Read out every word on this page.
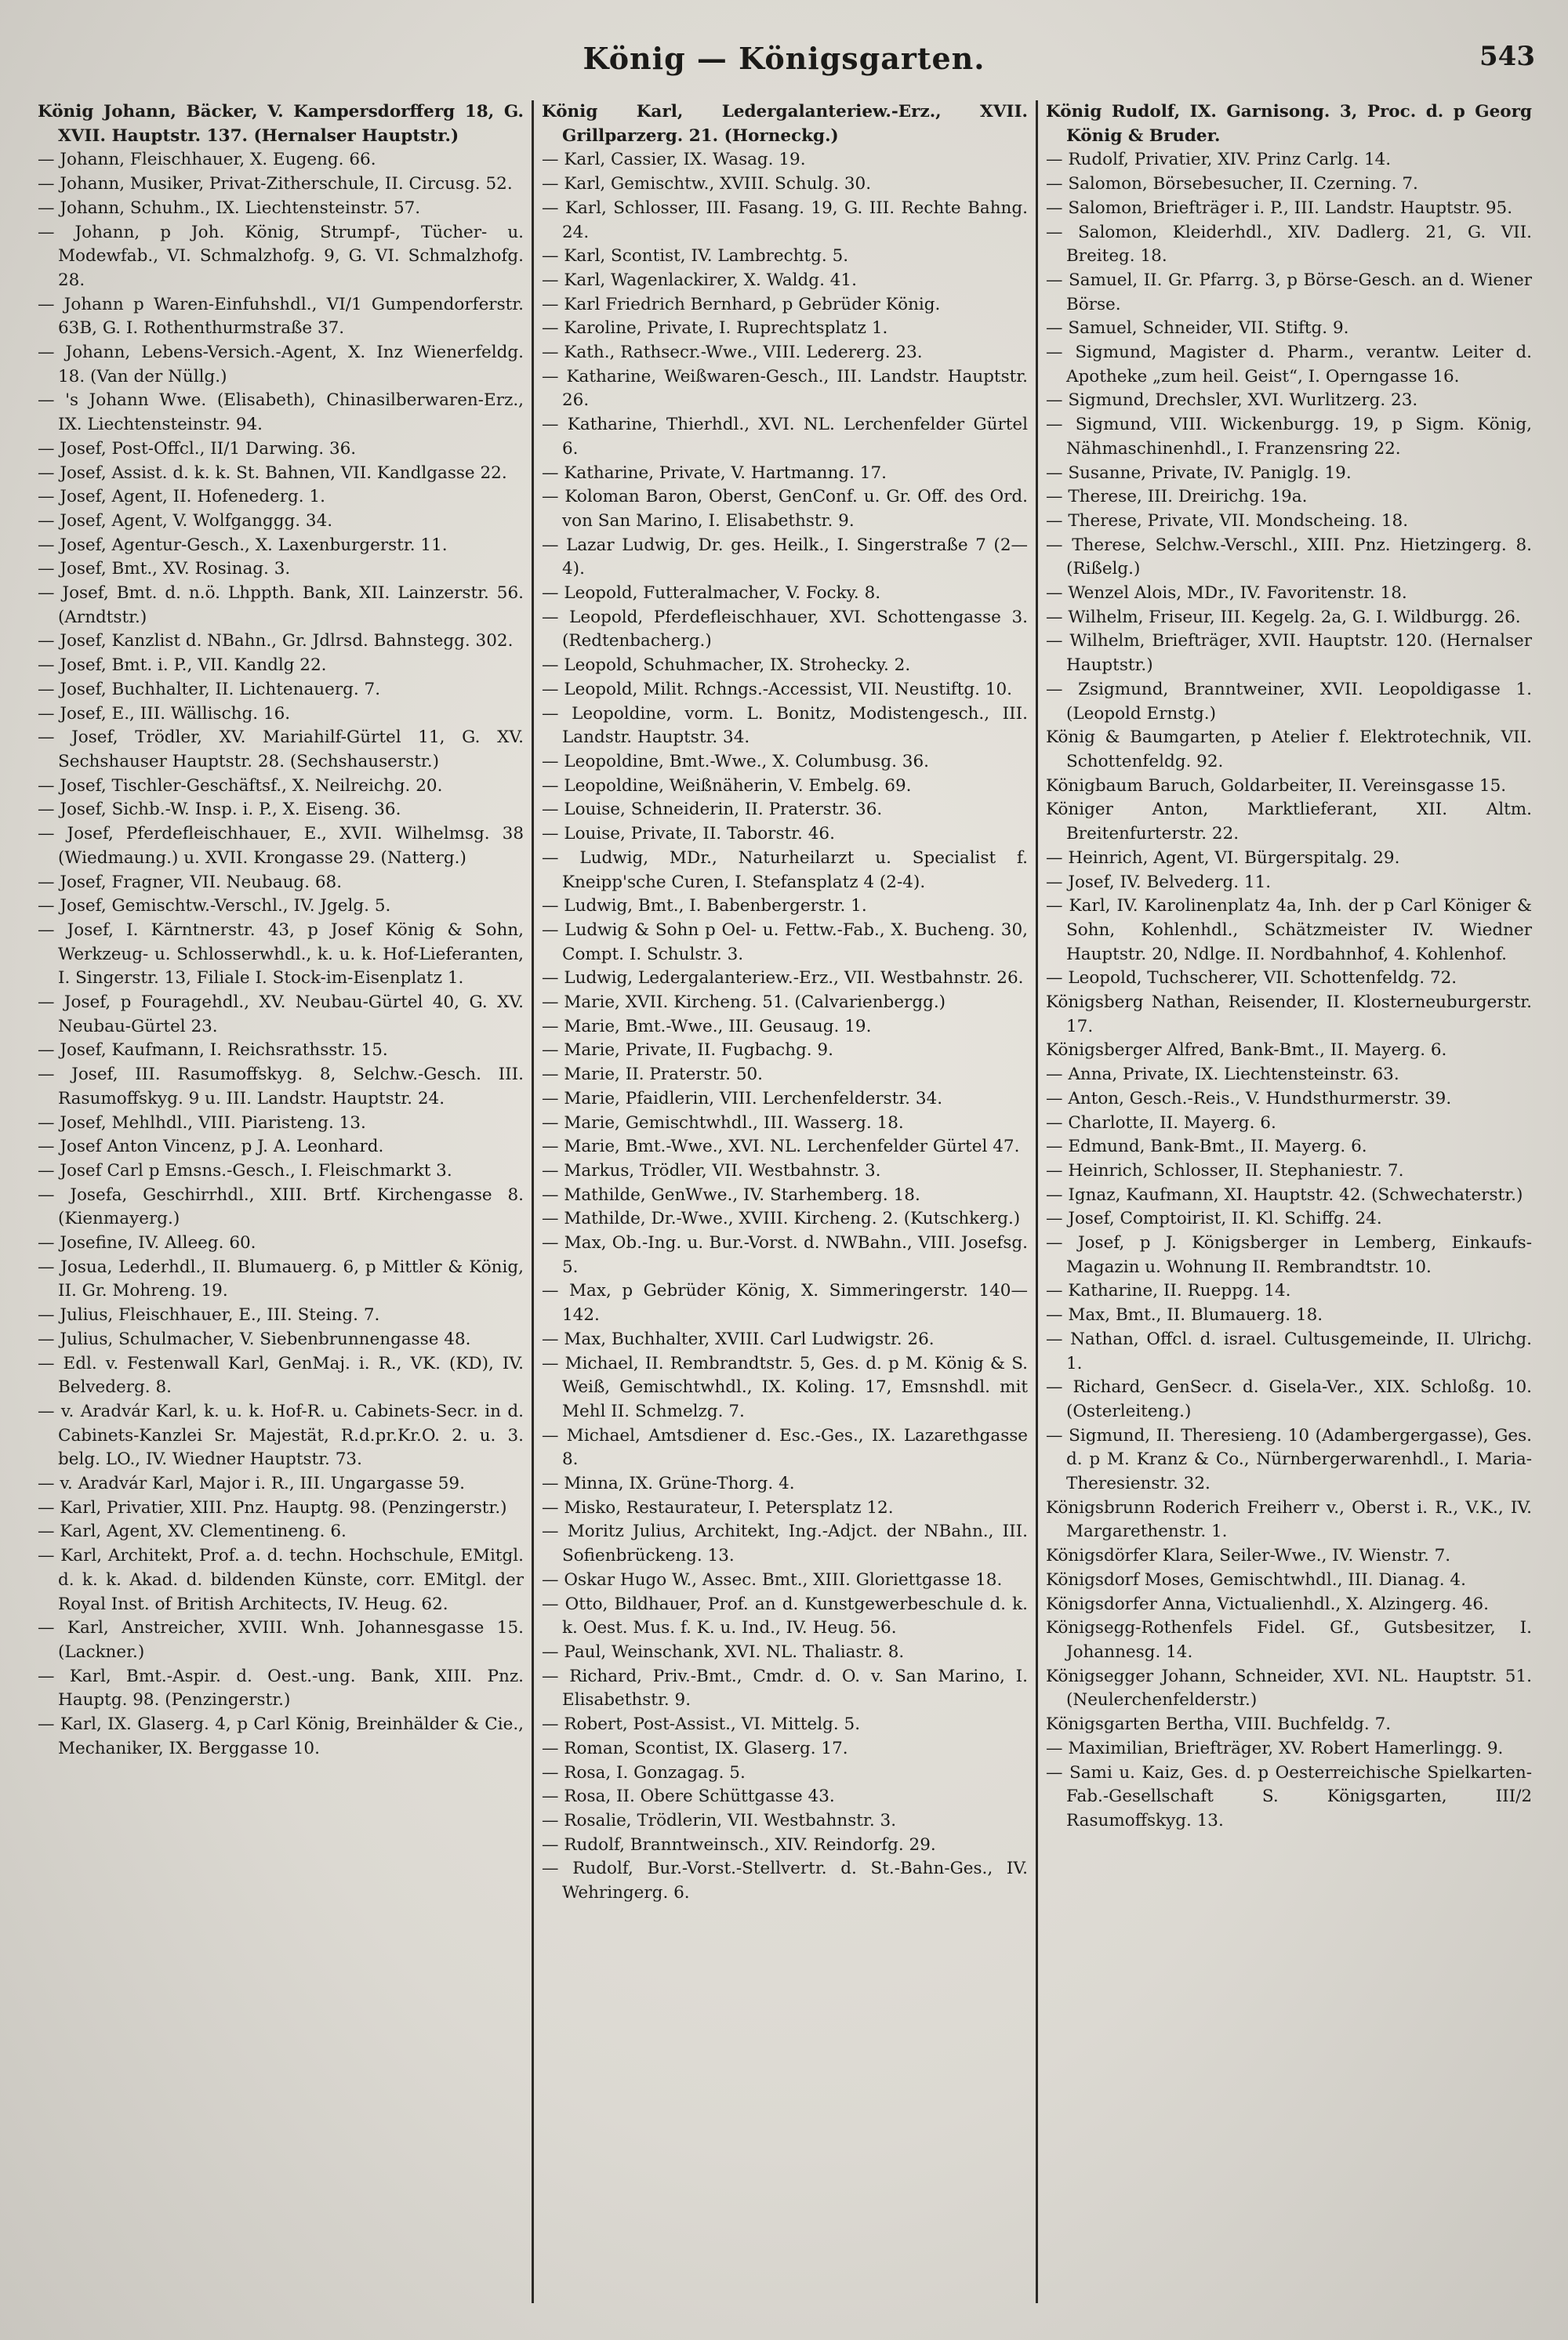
König — Königsgarten.	543

König Johann, Bäcker, V. Kampersdorfferg 18, G. XVII. Hauptstr. 137. (Hernalser Hauptstr.)

— Johann, Fleischhauer, X. Eugeng. 66.

— Johann, Musiker, Privat-Zitherschule, II. Circusg. 52.

— Johann, Schuhm., IX. Liechtensteinstr. 57.

— Johann, p Joh. König, Strumpf-, Tücher- u. Modewfab., VI. Schmalzhofg. 9, G. VI. Schmalzhofg. 28.

— Johann p Waren-Einfuhshdl., VI/1 Gumpendorferstr. 63B, G. I. Rothenthurmstraße 37.

— Johann, Lebens-Versich.-Agent, X. Inz Wienerfeldg. 18. (Van der Nüllg.)

— 's Johann Wwe. (Elisabeth), Chinasilberwaren-Erz., IX. Liechtensteinstr. 94.

— Josef, Post-Offcl., II/1 Darwing. 36.

— Josef, Assist. d. k. k. St. Bahnen, VII. Kandlgasse 22.

— Josef, Agent, II. Hofenederg. 1.

— Josef, Agent, V. Wolfganggg. 34.

— Josef, Agentur-Gesch., X. Laxenburgerstr. 11.

— Josef, Bmt., XV. Rosinag. 3.

— Josef, Bmt. d. n.ö. Lhppth. Bank, XII. Lainzerstr. 56. (Arndtstr.)

— Josef, Kanzlist d. NBahn., Gr. Jdlrsd. Bahnstegg. 302.

— Josef, Bmt. i. P., VII. Kandlg 22.

— Josef, Buchhalter, II. Lichtenauerg. 7.

— Josef, E., III. Wällischg. 16.

— Josef, Trödler, XV. Mariahilf-Gürtel 11, G. XV. Sechshauser Hauptstr. 28. (Sechshauserstr.)

— Josef, Tischler-Geschäftsf., X. Neilreichg. 20.

— Josef, Sichb.-W. Insp. i. P., X. Eiseng. 36.

— Josef, Pferdefleischhauer, E., XVII. Wilhelmsg. 38 (Wiedmaung.) u. XVII. Krongasse 29. (Natterg.)

— Josef, Fragner, VII. Neubaug. 68.

— Josef, Gemischtw.-Verschl., IV. Jgelg. 5.

— Josef, I. Kärntnerstr. 43, p Josef König & Sohn, Werkzeug- u. Schlosserwhdl., k. u. k. Hof-Lieferanten, I. Singerstr. 13, Filiale I. Stock-im-Eisenplatz 1.

— Josef, p Fouragehdl., XV. Neubau-Gürtel 40, G. XV. Neubau-Gürtel 23.

— Josef, Kaufmann, I. Reichsrathsstr. 15.

— Josef, III. Rasumoffskyg. 8, Selchw.-Gesch. III. Rasumoffskyg. 9 u. III. Landstr. Hauptstr. 24.

— Josef, Mehlhdl., VIII. Piaristeng. 13.

— Josef Anton Vincenz, p J. A. Leonhard.

— Josef Carl p Emsns.-Gesch., I. Fleischmarkt 3.

— Josefa, Geschirrhdl., XIII. Brtf. Kirchengasse 8. (Kienmayerg.)

— Josefine, IV. Alleeg. 60.

— Josua, Lederhdl., II. Blumauerg. 6, p Mittler & König, II. Gr. Mohreng. 19.

— Julius, Fleischhauer, E., III. Steing. 7.

— Julius, Schulmacher, V. Siebenbrunnengasse 48.

— Edl. v. Festenwall Karl, GenMaj. i. R., VK. (KD), IV. Belvederg. 8.

— v. Aradvár Karl, k. u. k. Hof-R. u. Cabinets-Secr. in d. Cabinets-Kanzlei Sr. Majestät, R.d.pr.Kr.O. 2. u. 3. belg. LO., IV. Wiedner Hauptstr. 73.

— v. Aradvár Karl, Major i. R., III. Ungargasse 59.

— Karl, Privatier, XIII. Pnz. Hauptg. 98. (Penzingerstr.)

— Karl, Agent, XV. Clementineng. 6.

— Karl, Architekt, Prof. a. d. techn. Hochschule, EMitgl. d. k. k. Akad. d. bildenden Künste, corr. EMitgl. der Royal Inst. of British Architects, IV. Heug. 62.

— Karl, Anstreicher, XVIII. Wnh. Johannesgasse 15. (Lackner.)

— Karl, Bmt.-Aspir. d. Oest.-ung. Bank, XIII. Pnz. Hauptg. 98. (Penzingerstr.)

— Karl, IX. Glaserg. 4, p Carl König, Breinhälder & Cie., Mechaniker, IX. Berggasse 10.

König Karl, Ledergalanteriew.-Erz., XVII. Grillparzerg. 21. (Horneckg.)

— Karl, Cassier, IX. Wasag. 19.

— Karl, Gemischtw., XVIII. Schulg. 30.

— Karl, Schlosser, III. Fasang. 19, G. III. Rechte Bahng. 24.

— Karl, Scontist, IV. Lambrechtg. 5.

— Karl, Wagenlackirer, X. Waldg. 41.

— Karl Friedrich Bernhard, p Gebrüder König.

— Karoline, Private, I. Ruprechtsplatz 1.

— Kath., Rathsecr.-Wwe., VIII. Ledererg. 23.

— Katharine, Weißwaren-Gesch., III. Landstr. Hauptstr. 26.

— Katharine, Thierhdl., XVI. NL. Lerchenfelder Gürtel 6.

— Katharine, Private, V. Hartmanng. 17.

— Koloman Baron, Oberst, GenConf. u. Gr. Off. des Ord. von San Marino, I. Elisabethstr. 9.

— Lazar Ludwig, Dr. ges. Heilk., I. Singerstraße 7 (2—4).

— Leopold, Futteralmacher, V. Focky. 8.

— Leopold, Pferdefleischhauer, XVI. Schottengasse 3. (Redtenbacherg.)

— Leopold, Schuhmacher, IX. Strohecky. 2.

— Leopold, Milit. Rchngs.-Accessist, VII. Neustiftg. 10.

— Leopoldine, vorm. L. Bonitz, Modistengesch., III. Landstr. Hauptstr. 34.

— Leopoldine, Bmt.-Wwe., X. Columbusg. 36.

— Leopoldine, Weißnäherin, V. Embelg. 69.

— Louise, Schneiderin, II. Praterstr. 36.

— Louise, Private, II. Taborstr. 46.

— Ludwig, MDr., Naturheilarzt u. Specialist f. Kneipp'sche Curen, I. Stefansplatz 4 (2-4).

— Ludwig, Bmt., I. Babenbergerstr. 1.

— Ludwig & Sohn p Oel- u. Fettw.-Fab., X. Bucheng. 30, Compt. I. Schulstr. 3.

— Ludwig, Ledergalanteriew.-Erz., VII. Westbahnstr. 26.

— Marie, XVII. Kircheng. 51. (Calvarienbergg.)

— Marie, Bmt.-Wwe., III. Geusaug. 19.

— Marie, Private, II. Fugbachg. 9.

— Marie, II. Praterstr. 50.

— Marie, Pfaidlerin, VIII. Lerchenfelderstr. 34.

— Marie, Gemischtwhdl., III. Wasserg. 18.

— Marie, Bmt.-Wwe., XVI. NL. Lerchenfelder Gürtel 47.

— Markus, Trödler, VII. Westbahnstr. 3.

— Mathilde, GenWwe., IV. Starhemberg. 18.

— Mathilde, Dr.-Wwe., XVIII. Kircheng. 2. (Kutschkerg.)

— Max, Ob.-Ing. u. Bur.-Vorst. d. NWBahn., VIII. Josefsg. 5.

— Max, p Gebrüder König, X. Simmeringerstr. 140—142.

— Max, Buchhalter, XVIII. Carl Ludwigstr. 26.

— Michael, II. Rembrandtstr. 5, Ges. d. p M. König & S. Weiß, Gemischtwhdl., IX. Koling. 17, Emsnshdl. mit Mehl II. Schmelzg. 7.

— Michael, Amtsdiener d. Esc.-Ges., IX. Lazarethgasse 8.

— Minna, IX. Grüne-Thorg. 4.

— Misko, Restaurateur, I. Petersplatz 12.

— Moritz Julius, Architekt, Ing.-Adjct. der NBahn., III. Sofienbrückeng. 13.

— Oskar Hugo W., Assec. Bmt., XIII. Gloriettgasse 18.

— Otto, Bildhauer, Prof. an d. Kunstgewerbeschule d. k. k. Oest. Mus. f. K. u. Ind., IV. Heug. 56.

— Paul, Weinschank, XVI. NL. Thaliastr. 8.

— Richard, Priv.-Bmt., Cmdr. d. O. v. San Marino, I. Elisabethstr. 9.

— Robert, Post-Assist., VI. Mittelg. 5.

— Roman, Scontist, IX. Glaserg. 17.

— Rosa, I. Gonzagag. 5.

— Rosa, II. Obere Schüttgasse 43.

— Rosalie, Trödlerin, VII. Westbahnstr. 3.

— Rudolf, Branntweinsch., XIV. Reindorfg. 29.

— Rudolf, Bur.-Vorst.-Stellvertr. d. St.-Bahn-Ges., IV. Wehringerg. 6.

König Rudolf, IX. Garnisong. 3, Proc. d. p Georg König & Bruder.

— Rudolf, Privatier, XIV. Prinz Carlg. 14.

— Salomon, Börsebesucher, II. Czerning. 7.

— Salomon, Briefträger i. P., III. Landstr. Hauptstr. 95.

— Salomon, Kleiderhdl., XIV. Dadlerg. 21, G. VII. Breiteg. 18.

— Samuel, II. Gr. Pfarrg. 3, p Börse-Gesch. an d. Wiener Börse.

— Samuel, Schneider, VII. Stiftg. 9.

— Sigmund, Magister d. Pharm., verantw. Leiter d. Apotheke „zum heil. Geist“, I. Operngasse 16.

— Sigmund, Drechsler, XVI. Wurlitzerg. 23.

— Sigmund, VIII. Wickenburgg. 19, p Sigm. König, Nähmaschinenhdl., I. Franzensring 22.

— Susanne, Private, IV. Paniglg. 19.

— Therese, III. Dreirichg. 19a.

— Therese, Private, VII. Mondscheing. 18.

— Therese, Selchw.-Verschl., XIII. Pnz. Hietzingerg. 8. (Rißelg.)

— Wenzel Alois, MDr., IV. Favoritenstr. 18.

— Wilhelm, Friseur, III. Kegelg. 2a, G. I. Wildburgg. 26.

— Wilhelm, Briefträger, XVII. Hauptstr. 120. (Hernalser Hauptstr.)

— Zsigmund, Branntweiner, XVII. Leopoldigasse 1. (Leopold Ernstg.)

König & Baumgarten, p Atelier f. Elektrotechnik, VII. Schottenfeldg. 92.

Königbaum Baruch, Goldarbeiter, II. Vereinsgasse 15.

Königer Anton, Marktlieferant, XII. Altm. Breitenfurterstr. 22.

— Heinrich, Agent, VI. Bürgerspitalg. 29.

— Josef, IV. Belvederg. 11.

— Karl, IV. Karolinenplatz 4a, Inh. der p Carl Königer & Sohn, Kohlenhdl., Schätzmeister IV. Wiedner Hauptstr. 20, Ndlge. II. Nordbahnhof, 4. Kohlenhof.

— Leopold, Tuchscherer, VII. Schottenfeldg. 72.

Königsberg Nathan, Reisender, II. Klosterneuburgerstr. 17.

Königsberger Alfred, Bank-Bmt., II. Mayerg. 6.

— Anna, Private, IX. Liechtensteinstr. 63.

— Anton, Gesch.-Reis., V. Hundsthurmerstr. 39.

— Charlotte, II. Mayerg. 6.

— Edmund, Bank-Bmt., II. Mayerg. 6.

— Heinrich, Schlosser, II. Stephaniestr. 7.

— Ignaz, Kaufmann, XI. Hauptstr. 42. (Schwechaterstr.)

— Josef, Comptoirist, II. Kl. Schiffg. 24.

— Josef, p J. Königsberger in Lemberg, Einkaufs-Magazin u. Wohnung II. Rembrandtstr. 10.

— Katharine, II. Rueppg. 14.

— Max, Bmt., II. Blumauerg. 18.

— Nathan, Offcl. d. israel. Cultusgemeinde, II. Ulrichg. 1.

— Richard, GenSecr. d. Gisela-Ver., XIX. Schloßg. 10. (Osterleiteng.)

— Sigmund, II. Theresieng. 10 (Adambergergasse), Ges. d. p M. Kranz & Co., Nürnbergerwarenhdl., I. Maria-Theresienstr. 32.

Königsbrunn Roderich Freiherr v., Oberst i. R., V.K., IV. Margarethenstr. 1.

Königsdörfer Klara, Seiler-Wwe., IV. Wienstr. 7.

Königsdorf Moses, Gemischtwhdl., III. Dianag. 4.

Königsdorfer Anna, Victualienhdl., X. Alzingerg. 46.

Königsegg-Rothenfels Fidel. Gf., Gutsbesitzer, I. Johannesg. 14.

Königsegger Johann, Schneider, XVI. NL. Hauptstr. 51. (Neulerchenfelderstr.)

Königsgarten Bertha, VIII. Buchfeldg. 7.

— Maximilian, Briefträger, XV. Robert Hamerlingg. 9.

— Sami u. Kaiz, Ges. d. p Oesterreichische Spielkarten-Fab.-Gesellschaft S. Königsgarten, III/2 Rasumoffskyg. 13.
